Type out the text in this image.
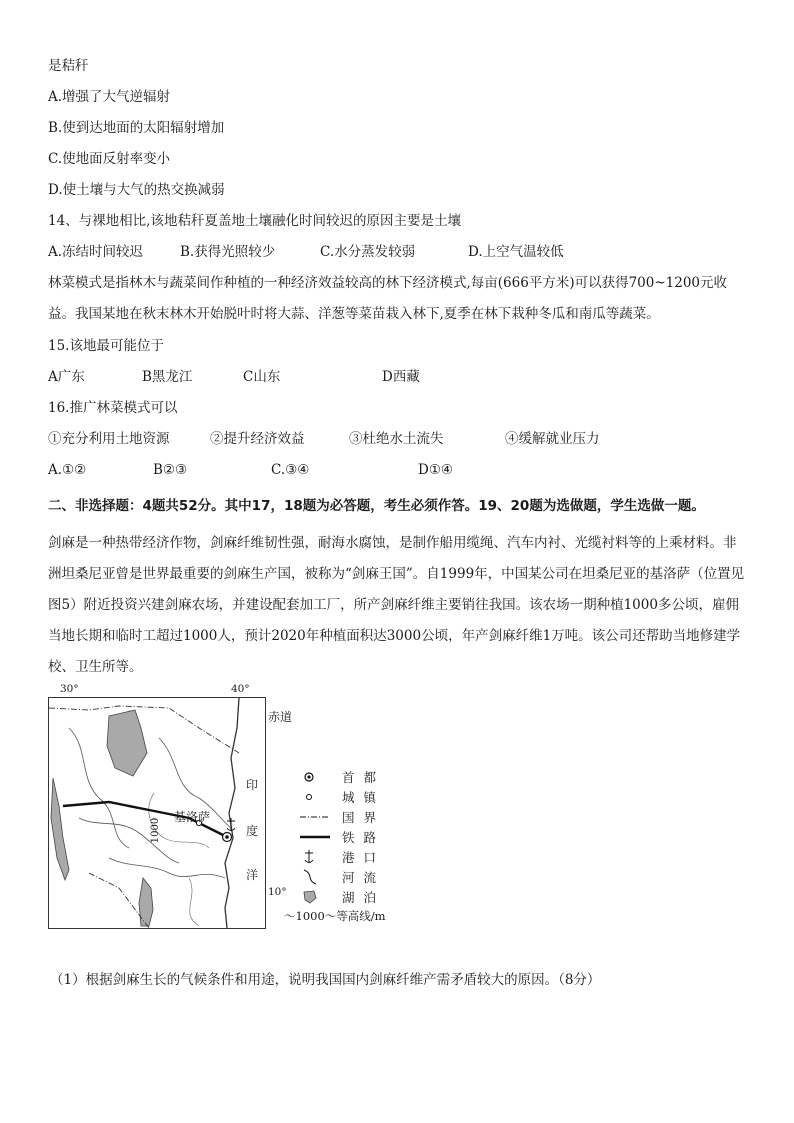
是秸秆
A.增强了大气逆辐射
B.使到达地面的太阳辐射增加
C.使地面反射率变小
D.使土壤与大气的热交换减弱
14、与裸地相比,该地秸秆夏盖地土壤融化时间较迟的原因主要是土壤
A.冻结时间较迟	B.获得光照较少	C.水分蒸发较弱	D.上空气温较低
林菜模式是指林木与蔬菜间作种植的一种经济效益较高的林下经济模式,每亩(666平方米)可以获得700~1200元收益。我国某地在秋末林木开始脱叶时将大蒜、洋葱等菜苗栽入林下,夏季在林下栽种冬瓜和南瓜等蔬菜。
15.该地最可能位于
A广东	B黑龙江	C山东	D西藏
16.推广林菜模式可以
①充分利用土地资源	②提升经济效益	③杜绝水土流失	④缓解就业压力
A.①②	B②③	C.③④	D①④
二、非选择题：4题共52分。其中17，18题为必答题，考生必须作答。19、20题为选做题，学生选做一题。
剑麻是一种热带经济作物，剑麻纤维韧性强，耐海水腐蚀，是制作船用缆绳、汽车内衬、光缆衬料等的上乘材料。非洲坦桑尼亚曾是世界最重要的剑麻生产国，被称为“剑麻王国”。自1999年，中国某公司在坦桑尼亚的基洛萨（位置见图5）附近投资兴建剑麻农场，并建设配套加工厂，所产剑麻纤维主要销往我国。该农场一期种植1000多公顷，雇佣当地长期和临时工超过1000人，预计2020年种植面积达3000公顷，年产剑麻纤维1万吨。该公司还帮助当地修建学校、卫生所等。
30°	40°
基洛萨
1000
赤道
10°
印
度
洋
首都
城镇
国界
铁路
港口
河流
湖泊
～1000～等高线/m
（1）根据剑麻生长的气候条件和用途，说明我国国内剑麻纤维产需矛盾较大的原因。（8分）
